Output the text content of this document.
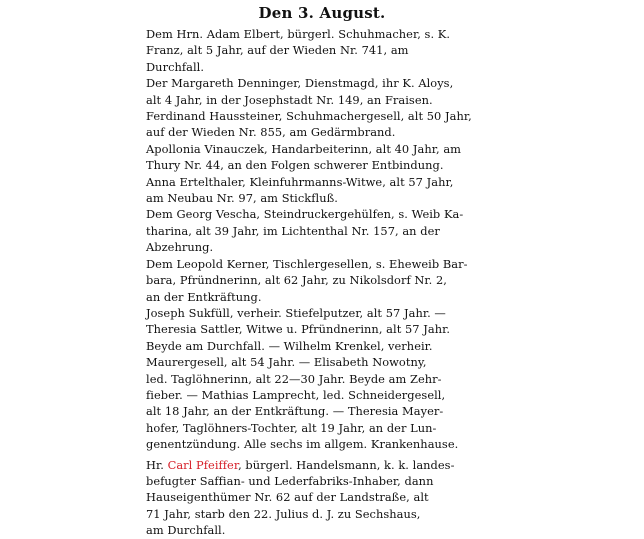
Den 3. August.
Dem Hrn. Adam Elbert, bürgerl. Schuhmacher, s. K.
Franz, alt 5 Jahr, auf der Wieden Nr. 741, am
Durchfall.
Der Margareth Denninger, Dienstmagd, ihr K. Aloys,
alt 4 Jahr, in der Josephstadt Nr. 149, an Fraisen.
Ferdinand Haussteiner, Schuhmachergesell, alt 50 Jahr,
auf der Wieden Nr. 855, am Gedärmbrand.
Apollonia Vinauczek, Handarbeiterinn, alt 40 Jahr, am
Thury Nr. 44, an den Folgen schwerer Entbindung.
Anna Ertelthaler, Kleinfuhrmanns-Witwe, alt 57 Jahr,
am Neubau Nr. 97, am Stickfluß.
Dem Georg Vescha, Steindruckergehülfen, s. Weib Ka-
tharina, alt 39 Jahr, im Lichtenthal Nr. 157, an der
Abzehrung.
Dem Leopold Kerner, Tischlergesellen, s. Eheweib Bar-
bara, Pfründnerinn, alt 62 Jahr, zu Nikolsdorf Nr. 2,
an der Entkräftung.
Joseph Sukfüll, verheir. Stiefelputzer, alt 57 Jahr. —
Theresia Sattler, Witwe u. Pfründnerinn, alt 57 Jahr.
Beyde am Durchfall. — Wilhelm Krenkel, verheir.
Maurergesell, alt 54 Jahr. — Elisabeth Nowotny,
led. Taglöhnerinn, alt 22—30 Jahr. Beyde am Zehr-
fieber. — Mathias Lamprecht, led. Schneidergesell,
alt 18 Jahr, an der Entkräftung. — Theresia Mayer-
hofer, Taglöhners-Tochter, alt 19 Jahr, an der Lun-
genentzündung. Alle sechs im allgem. Krankenhause.
Hr. Carl Pfeiffer, bürgerl. Handelsmann, k. k. landes-
befugter Saffian- und Lederfabriks-Inhaber, dann
Hauseigenthümer Nr. 62 auf der Landstraße, alt
71 Jahr, starb den 22. Julius d. J. zu Sechshaus,
am Durchfall.
